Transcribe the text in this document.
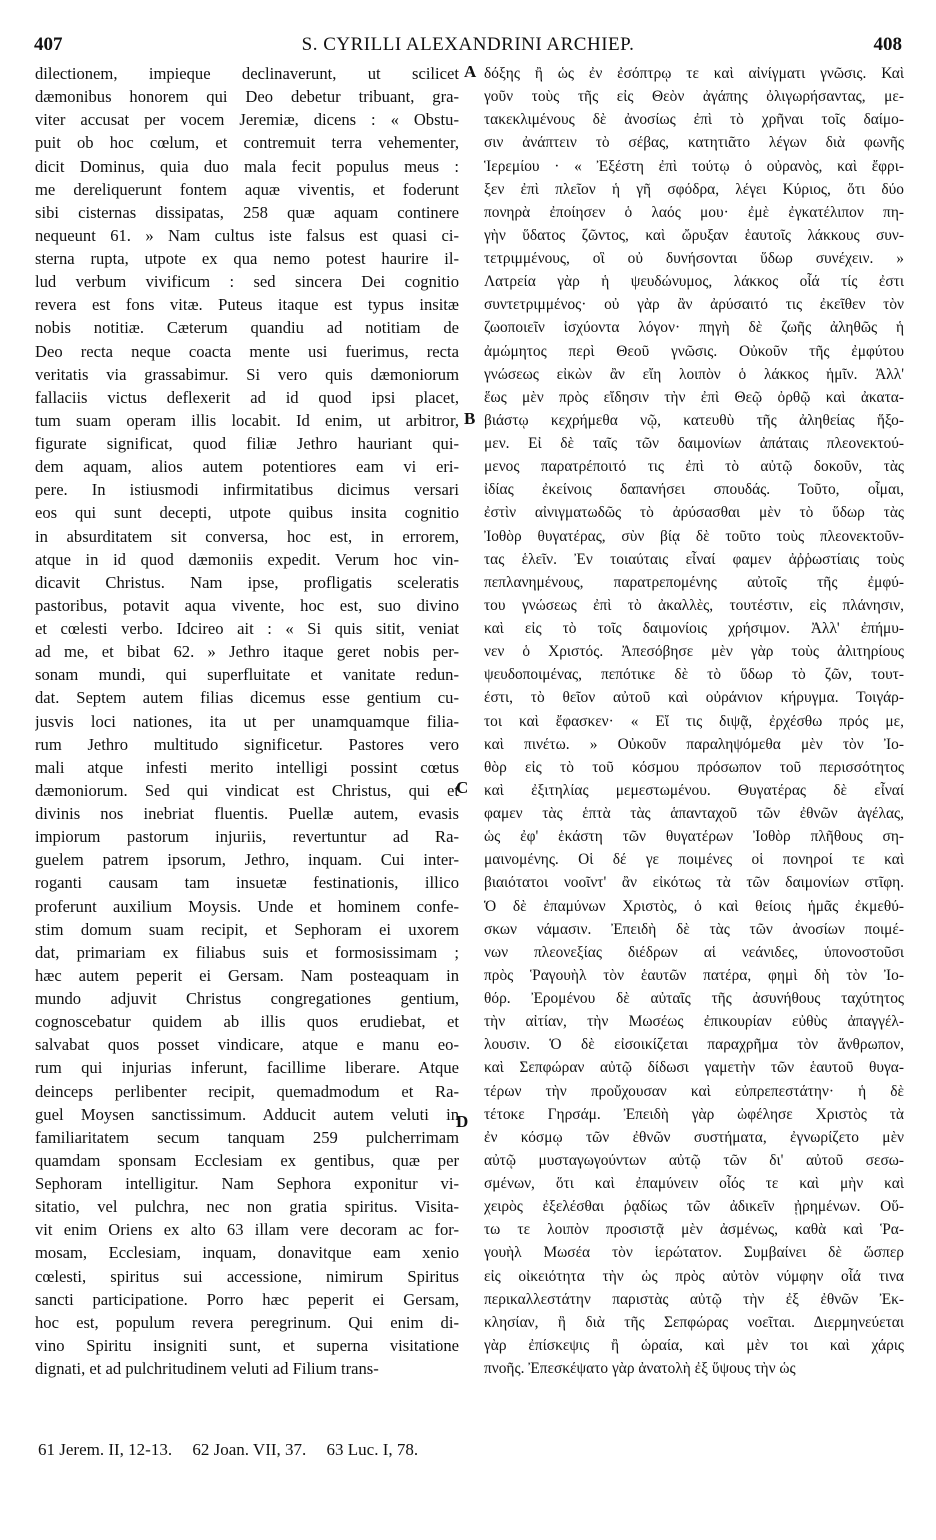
407	S. CYRILLI ALEXANDRINI ARCHIEP.	408
dilectionem, impieque declinaverunt, ut scilicet
dæmonibus honorem qui Deo debetur tribuant, gra-
viter accusat per vocem Jeremiæ, dicens : « Obstu-
puit ob hoc cœlum, et contremuit terra vehementer,
dicit Dominus, quia duo mala fecit populus meus :
me dereliquerunt fontem aquæ viventis, et foderunt
sibi cisternas dissipatas, 258 quæ aquam continere
nequeunt 61. » Nam cultus iste falsus est quasi ci-
sterna rupta, utpote ex qua nemo potest haurire il-
lud verbum vivificum : sed sincera Dei cognitio
revera est fons vitæ. Puteus itaque est typus insitæ
nobis notitiæ. Cæterum quandiu ad notitiam de
Deo recta neque coacta mente usi fuerimus, recta
veritatis via grassabimur. Si vero quis dæmoniorum
fallaciis victus deflexerit ad id quod ipsi placet,
tum suam operam illis locabit. Id enim, ut arbitror,
figurate significat, quod filiæ Jethro hauriant qui-
dem aquam, alios autem potentiores eam vi eri-
pere. In istiusmodi infirmitatibus dicimus versari
eos qui sunt decepti, utpote quibus insita cognitio
in absurditatem sit conversa, hoc est, in errorem,
atque in id quod dæmoniis expedit. Verum hoc vin-
dicavit Christus. Nam ipse, profligatis sceleratis
pastoribus, potavit aqua vivente, hoc est, suo divino
et cœlesti verbo. Idcireo ait : « Si quis sitit, veniat
ad me, et bibat 62. » Jethro itaque geret nobis per-
sonam mundi, qui superfluitate et vanitate redun-
dat. Septem autem filias dicemus esse gentium cu-
jusvis loci nationes, ita ut per unamquamque filia-
rum Jethro multitudo significetur. Pastores vero
mali atque infesti merito intelligi possint cœtus
dæmoniorum. Sed qui vindicat est Christus, qui et
divinis nos inebriat fluentis. Puellæ autem, evasis
impiorum pastorum injuriis, revertuntur ad Ra-
guelem patrem ipsorum, Jethro, inquam. Cui inter-
roganti causam tam insuetæ festinationis, illico
proferunt auxilium Moysis. Unde et hominem confe-
stim domum suam recipit, et Sephoram ei uxorem
dat, primariam ex filiabus suis et formosissimam ;
hæc autem peperit ei Gersam. Nam posteaquam in
mundo adjuvit Christus congregationes gentium,
cognoscebatur quidem ab illis quos erudiebat, et
salvabat quos posset vindicare, atque e manu eo-
rum qui injurias inferunt, facillime liberare. Atque
deinceps perlibenter recipit, quemadmodum et Ra-
guel Moysen sanctissimum. Adducit autem veluti in
familiaritatem secum tanquam 259 pulcherrimam
quamdam sponsam Ecclesiam ex gentibus, quæ per
Sephoram intelligitur. Nam Sephora exponitur vi-
sitatio, vel pulchra, nec non gratia spiritus. Visita-
vit enim Oriens ex alto 63 illam vere decoram ac for-
mosam, Ecclesiam, inquam, donavitque eam xenio
cœlesti, spiritus sui accessione, nimirum Spiritus
sancti participatione. Porro hæc peperit ei Gersam,
hoc est, populum revera peregrinum. Qui enim di-
vino Spiritu insigniti sunt, et superna visitatione
dignati, et ad pulchritudinem veluti ad Filium trans-
A
B
C
D
δόξης ἢ ὡς ἐν ἐσόπτρῳ τε καὶ αἰνίγματι γνῶσις. Καὶ
γοῦν τοὺς τῆς εἰς Θεὸν ἀγάπης ὀλιγωρήσαντας, με-
τακεκλιμένους δὲ ἀνοσίως ἐπὶ τὸ χρῆναι τοῖς δαίμο-
σιν ἀνάπτειν τὸ σέβας, κατητιᾶτο λέγων διὰ φωνῆς
Ἱερεμίου · « Ἐξέστη ἐπὶ τούτῳ ὁ οὐρανὸς, καὶ ἔφρι-
ξεν ἐπὶ πλεῖον ἡ γῆ σφόδρα, λέγει Κύριος, ὅτι δύο
πονηρὰ ἐποίησεν ὁ λαός μου· ἐμὲ ἐγκατέλιπον πη-
γὴν ὕδατος ζῶντος, καὶ ὤρυξαν ἑαυτοῖς λάκκους συν-
τετριμμένους, οἳ οὐ δυνήσονται ὕδωρ συνέχειν. »
Λατρεία γὰρ ἡ ψευδώνυμος, λάκκος οἷά τίς ἐστι
συντετριμμένος· οὐ γὰρ ἂν ἀρύσαιτό τις ἐκεῖθεν τὸν
ζωοποιεῖν ἰσχύοντα λόγον· πηγὴ δὲ ζωῆς ἀληθῶς ἡ
ἀμώμητος περὶ Θεοῦ γνῶσις. Οὐκοῦν τῆς ἐμφύτου
γνώσεως εἰκὼν ἂν εἴη λοιπὸν ὁ λάκκος ἡμῖν. Ἀλλ'
ἕως μὲν πρὸς εἴδησιν τὴν ἐπὶ Θεῷ ὀρθῷ καὶ ἀκατα-
βιάστῳ κεχρήμεθα νῷ, κατευθὺ τῆς ἀληθείας ἥξο-
μεν. Εἰ δὲ ταῖς τῶν δαιμονίων ἀπάταις πλεονεκτού-
μενος παρατρέποιτό τις ἐπὶ τὸ αὐτῷ δοκοῦν, τὰς
ἰδίας ἐκείνοις δαπανήσει σπουδάς. Τοῦτο, οἶμαι,
ἐστὶν αἰνιγματωδῶς τὸ ἀρύσασθαι μὲν τὸ ὕδωρ τὰς
Ἰοθὸρ θυγατέρας, σὺν βίᾳ δὲ τοῦτο τοὺς πλεονεκτοῦν-
τας ἑλεῖν. Ἐν τοιαύταις εἶναί φαμεν ἀῤῥωστίαις τοὺς
πεπλανημένους, παρατρεπομένης αὐτοῖς τῆς ἐμφύ-
του γνώσεως ἐπὶ τὸ ἀκαλλὲς, τουτέστιν, εἰς πλάνησιν,
καὶ εἰς τὸ τοῖς δαιμονίοις χρήσιμον. Ἀλλ' ἐπήμυ-
νεν ὁ Χριστός. Ἀπεσόβησε μὲν γὰρ τοὺς ἀλιτηρίους
ψευδοποιμένας, πεπότικε δὲ τὸ ὕδωρ τὸ ζῶν, τουτ-
έστι, τὸ θεῖον αὐτοῦ καὶ οὐράνιον κήρυγμα. Τοιγάρ-
τοι καὶ ἔφασκεν· « Εἴ τις διψᾷ, ἐρχέσθω πρός με,
καὶ πινέτω. » Οὐκοῦν παραληψόμεθα μὲν τὸν Ἰο-
θὸρ εἰς τὸ τοῦ κόσμου πρόσωπον τοῦ περισσότητος
καὶ ἐξιτηλίας μεμεστωμένου. Θυγατέρας δὲ εἶναί
φαμεν τὰς ἑπτὰ τὰς ἁπανταχοῦ τῶν ἐθνῶν ἀγέλας,
ὡς ἐφ' ἑκάστη τῶν θυγατέρων Ἰοθὸρ πλῆθους ση-
μαινομένης. Οἱ δέ γε ποιμένες οἱ πονηροί τε καὶ
βιαιότατοι νοοῖντ' ἂν εἰκότως τὰ τῶν δαιμονίων στῖφη.
Ὁ δὲ ἐπαμύνων Χριστὸς, ὁ καὶ θείοις ἡμᾶς ἐκμεθύ-
σκων νάμασιν. Ἐπειδὴ δὲ τὰς τῶν ἀνοσίων ποιμέ-
νων πλεονεξίας διέδρων αἱ νεάνιδες, ὑπονοστοῦσι
πρὸς Ῥαγουὴλ τὸν ἑαυτῶν πατέρα, φημὶ δὴ τὸν Ἰο-
θόρ. Ἐρομένου δὲ αὐταῖς τῆς ἀσυνήθους ταχύτητος
τὴν αἰτίαν, τὴν Μωσέως ἐπικουρίαν εὐθὺς ἀπαγγέλ-
λουσιν. Ὁ δὲ εἰσοικίζεται παραχρῆμα τὸν ἄνθρωπον,
καὶ Σεπφώραν αὐτῷ δίδωσι γαμετὴν τῶν ἑαυτοῦ θυγα-
τέρων τὴν προὔχουσαν καὶ εὐπρεπεστάτην· ἡ δὲ
τέτοκε Γηρσάμ. Ἐπειδὴ γὰρ ὠφέλησε Χριστὸς τὰ
ἐν κόσμῳ τῶν ἐθνῶν συστήματα, ἐγνωρίζετο μὲν
αὐτῷ μυσταγωγούντων αὐτῷ τῶν δι' αὐτοῦ σεσω-
σμένων, ὅτι καὶ ἐπαμύνειν οἷός τε καὶ μὴν καὶ
χειρὸς ἐξελέσθαι ῥᾳδίως τῶν ἀδικεῖν ᾐρημένων. Οὕ-
τω τε λοιπὸν προσιστᾷ μὲν ἀσμένως, καθὰ καὶ Ῥα-
γουὴλ Μωσέα τὸν ἱερώτατον. Συμβαίνει δὲ ὥσπερ
εἰς οἰκειότητα τὴν ὡς πρὸς αὐτὸν νύμφην οἷά τινα
περικαλλεστάτην παριστὰς αὐτῷ τὴν ἐξ ἐθνῶν Ἐκ-
κλησίαν, ἣ διὰ τῆς Σεπφώρας νοεῖται. Διερμηνεύεται
γὰρ ἐπίσκεψις ἢ ὡραία, καὶ μὲν τοι καὶ χάρις
πνοῆς. Ἐπεσκέψατο γὰρ ἀνατολὴ ἐξ ὕψους τὴν ὡς
61 Jerem. II, 12-13. 62 Joan. VII, 37. 63 Luc. I, 78.
